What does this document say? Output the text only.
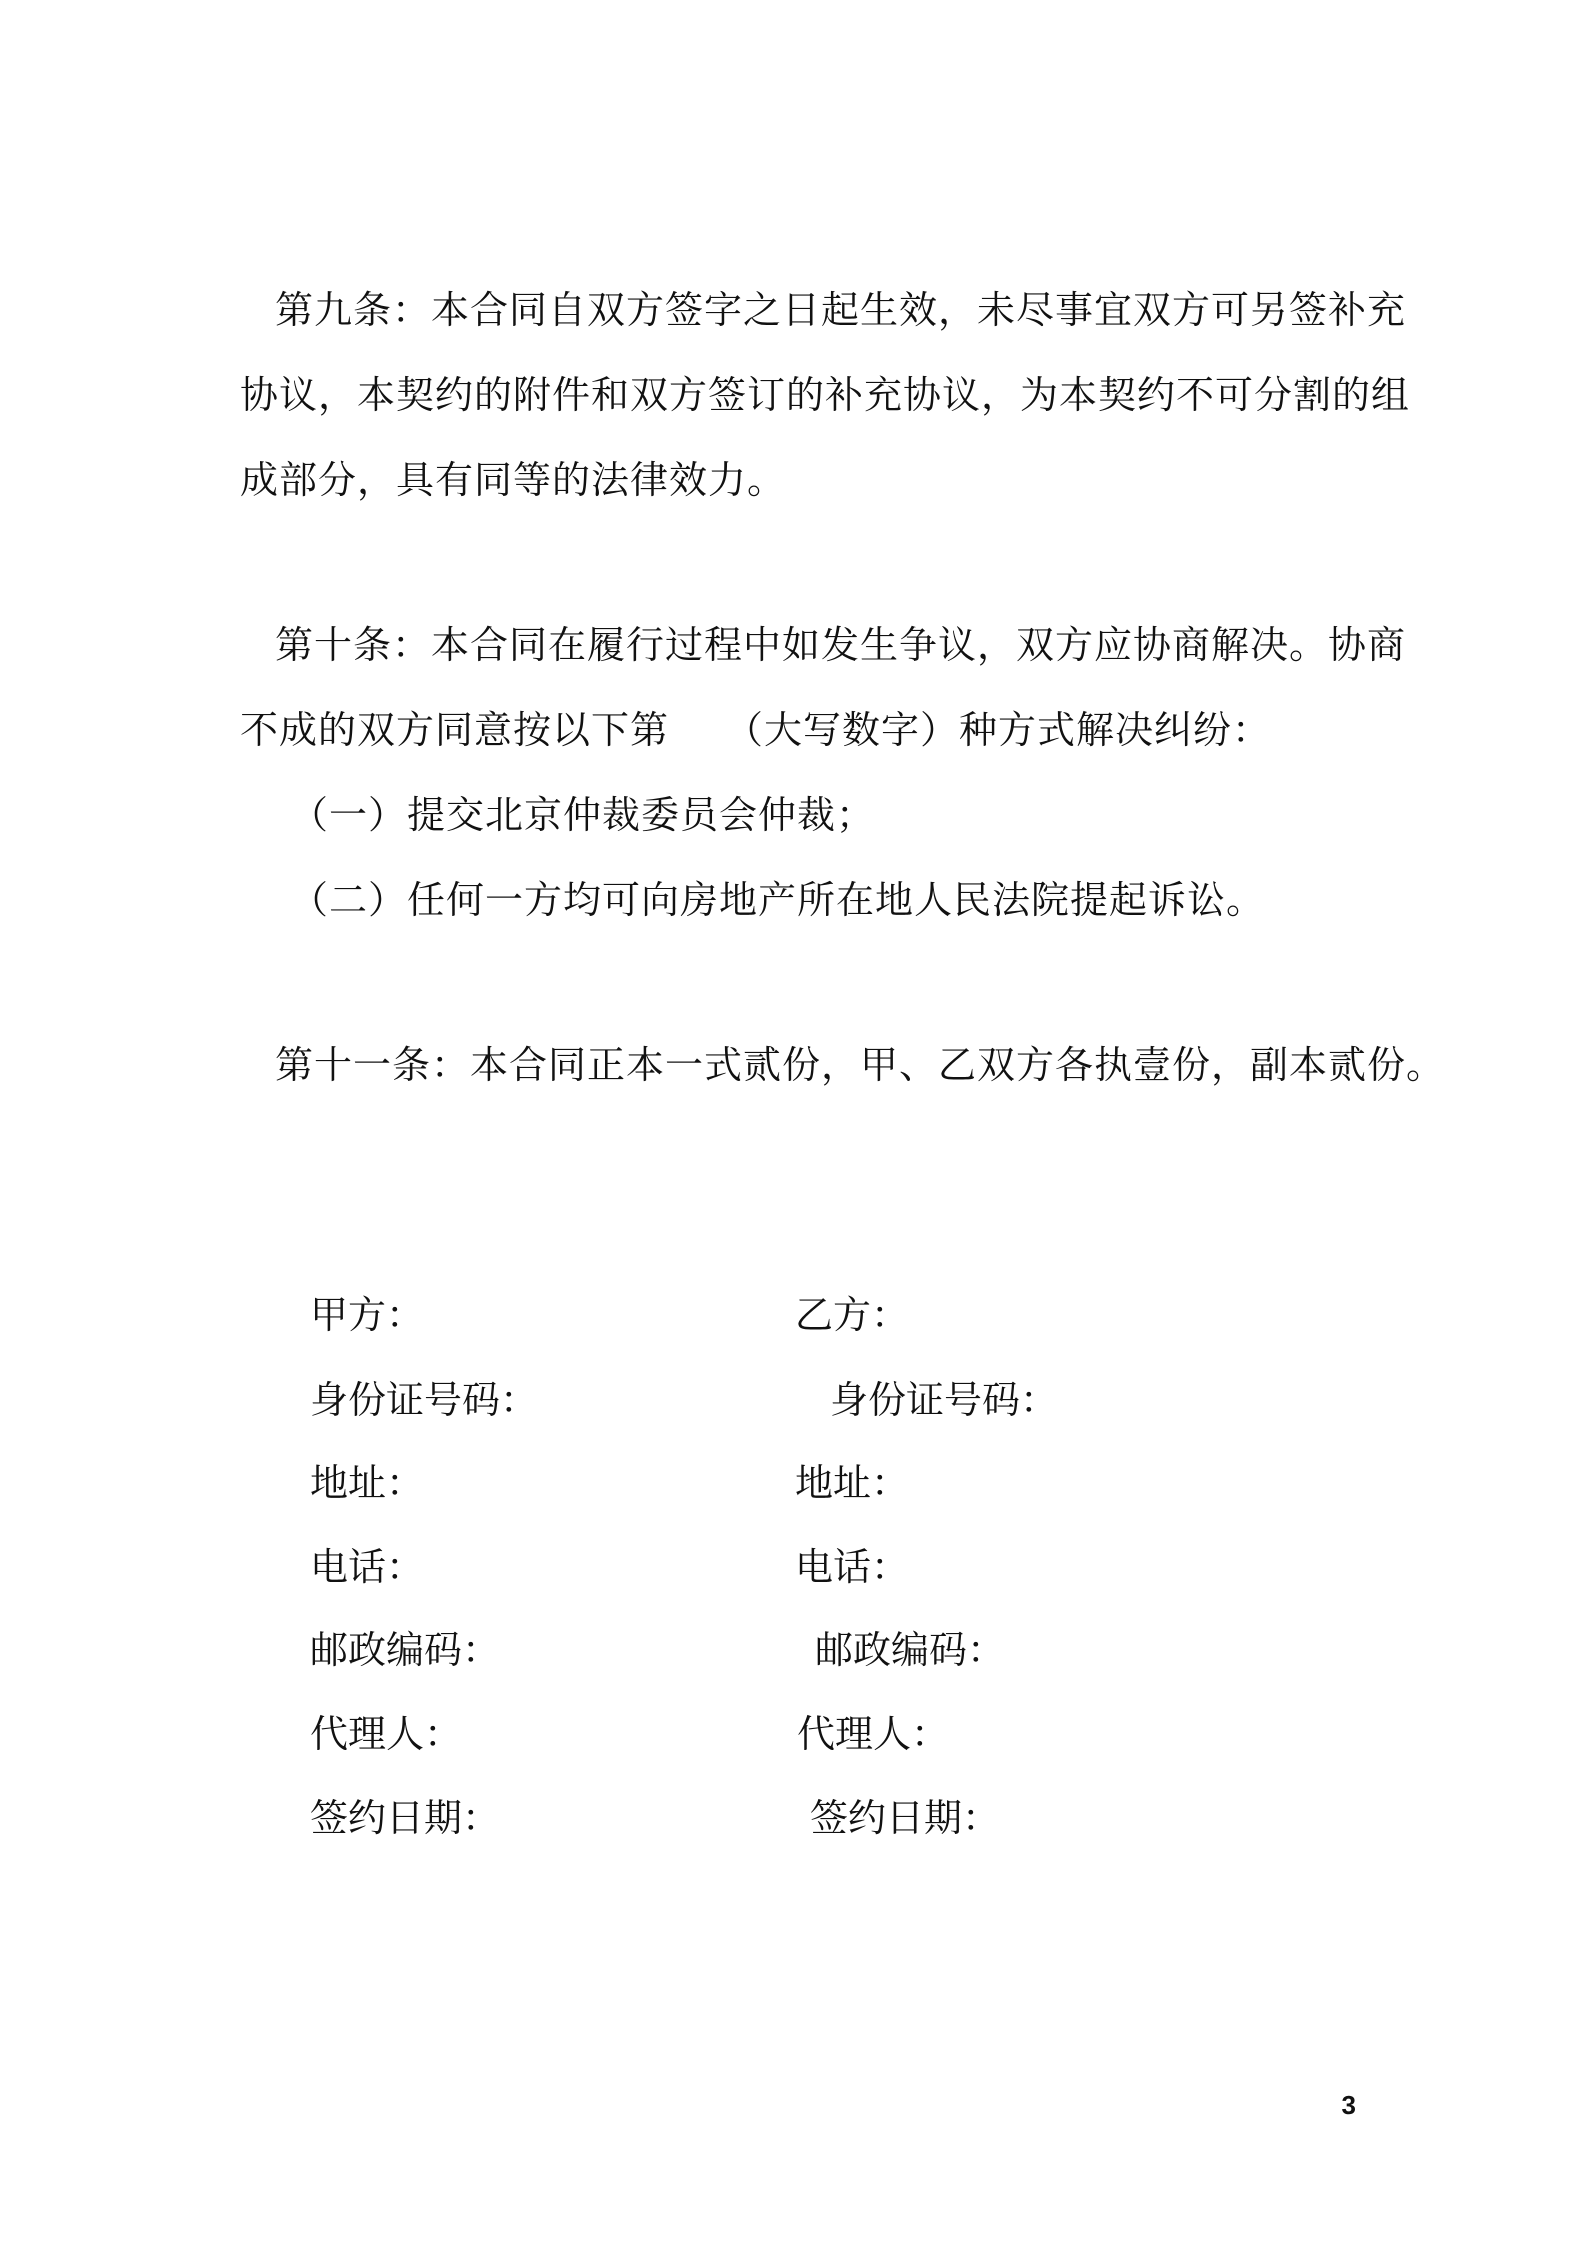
第九条：本合同自双方签字之日起生效，未尽事宜双方可另签补充
协议，本契约的附件和双方签订的补充协议，为本契约不可分割的组
成部分，具有同等的法律效力。
第十条：本合同在履行过程中如发生争议，双方应协商解决。协商
不成的双方同意按以下第 （大写数字）种方式解决纠纷：
（一）提交北京仲裁委员会仲裁；
（二）任何一方均可向房地产所在地人民法院提起诉讼。
第十一条：本合同正本一式贰份，甲、乙双方各执壹份，副本贰份。
甲方：
身份证号码：
地址：
电话：
邮政编码：
代理人：
签约日期：
乙方：
身份证号码：
地址：
电话：
邮政编码：
代理人：
签约日期：
3
